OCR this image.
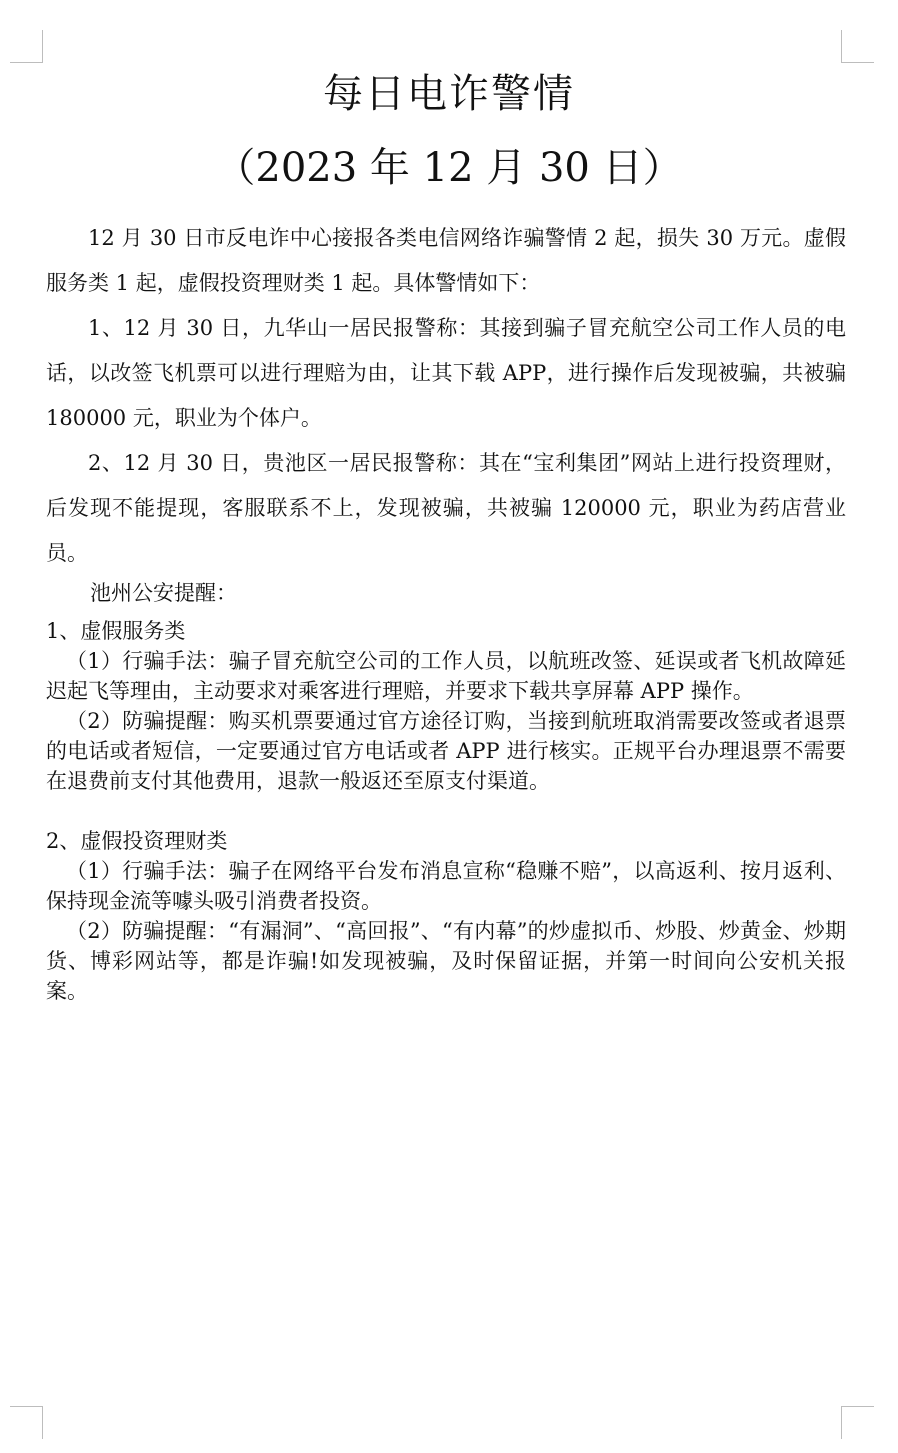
每日电诈警情
（2023 年 12 月 30 日）

12 月 30 日市反电诈中心接报各类电信网络诈骗警情 2 起，损失 30 万元。虚假服务类 1 起，虚假投资理财类 1 起。具体警情如下：

1、12 月 30 日，九华山一居民报警称：其接到骗子冒充航空公司工作人员的电话，以改签飞机票可以进行理赔为由，让其下载 APP，进行操作后发现被骗，共被骗 180000 元，职业为个体户。

2、12 月 30 日，贵池区一居民报警称：其在“宝利集团”网站上进行投资理财，后发现不能提现，客服联系不上，发现被骗，共被骗 120000 元，职业为药店营业员。

池州公安提醒：

1、虚假服务类

（1）行骗手法：骗子冒充航空公司的工作人员，以航班改签、延误或者飞机故障延迟起飞等理由，主动要求对乘客进行理赔，并要求下载共享屏幕 APP 操作。

（2）防骗提醒：购买机票要通过官方途径订购，当接到航班取消需要改签或者退票的电话或者短信，一定要通过官方电话或者 APP 进行核实。正规平台办理退票不需要在退费前支付其他费用，退款一般返还至原支付渠道。

2、虚假投资理财类

（1）行骗手法：骗子在网络平台发布消息宣称“稳赚不赔”，以高返利、按月返利、保持现金流等噱头吸引消费者投资。

（2）防骗提醒：“有漏洞”、“高回报”、“有内幕”的炒虚拟币、炒股、炒黄金、炒期货、博彩网站等，都是诈骗!如发现被骗，及时保留证据，并第一时间向公安机关报案。
